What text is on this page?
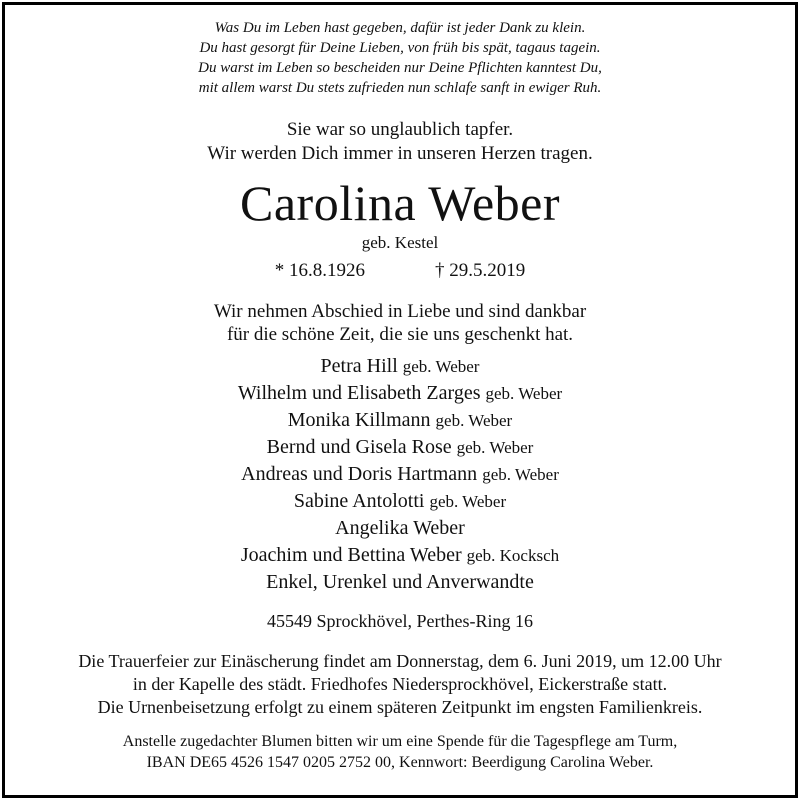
Was Du im Leben hast gegeben, dafür ist jeder Dank zu klein.
Du hast gesorgt für Deine Lieben, von früh bis spät, tagaus tagein.
Du warst im Leben so bescheiden nur Deine Pflichten kanntest Du,
mit allem warst Du stets zufrieden nun schlafe sanft in ewiger Ruh.
Sie war so unglaublich tapfer.
Wir werden Dich immer in unseren Herzen tragen.
Carolina Weber
geb. Kestel
* 16.8.1926	† 29.5.2019
Wir nehmen Abschied in Liebe und sind dankbar
für die schöne Zeit, die sie uns geschenkt hat.
Petra Hill geb. Weber
Wilhelm und Elisabeth Zarges geb. Weber
Monika Killmann geb. Weber
Bernd und Gisela Rose geb. Weber
Andreas und Doris Hartmann geb. Weber
Sabine Antolotti geb. Weber
Angelika Weber
Joachim und Bettina Weber geb. Kocksch
Enkel, Urenkel und Anverwandte
45549 Sprockhövel, Perthes-Ring 16
Die Trauerfeier zur Einäscherung findet am Donnerstag, dem 6. Juni 2019, um 12.00 Uhr
in der Kapelle des städt. Friedhofes Niedersprockhövel, Eickerstraße statt.
Die Urnenbeisetzung erfolgt zu einem späteren Zeitpunkt im engsten Familienkreis.
Anstelle zugedachter Blumen bitten wir um eine Spende für die Tagespflege am Turm,
IBAN DE65 4526 1547 0205 2752 00, Kennwort: Beerdigung Carolina Weber.
